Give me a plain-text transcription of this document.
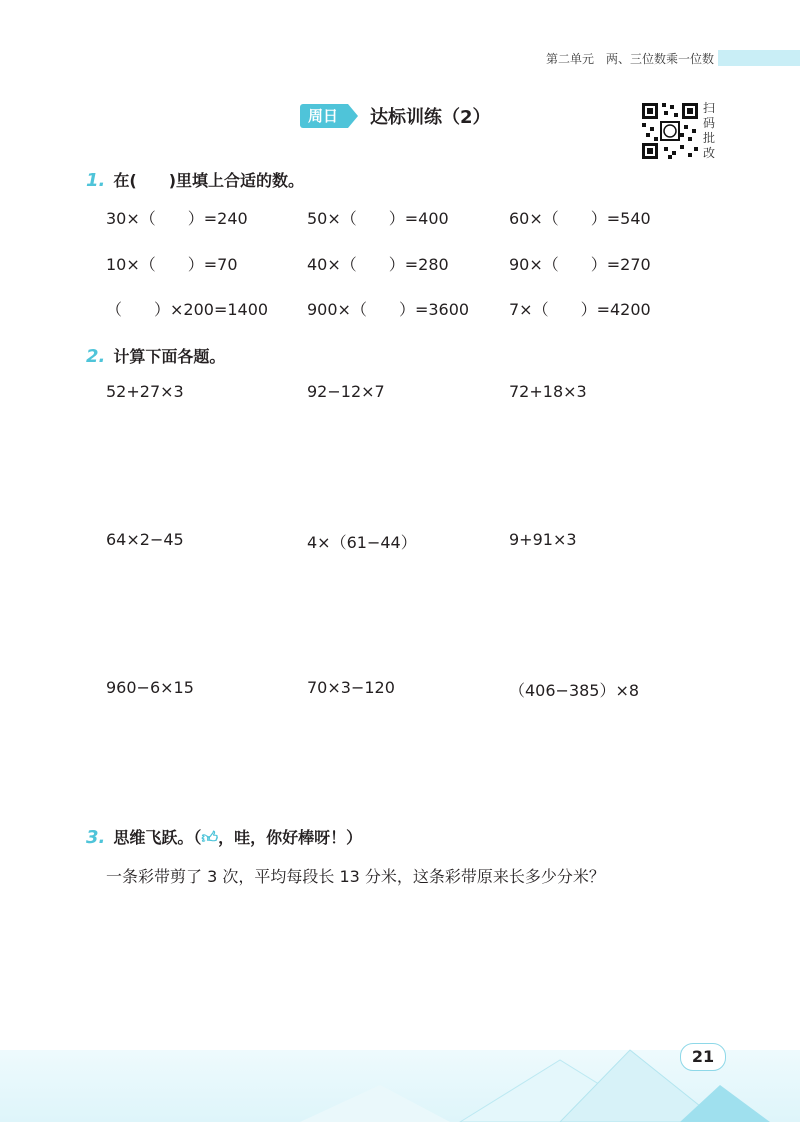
第二单元　两、三位数乘一位数
周日	达标训练（2）	扫码批改
1. 在(　　)里填上合适的数。
30×（　　）=240	50×（　　）=400	60×（　　）=540
10×（　　）=70	40×（　　）=280	90×（　　）=270
（　　）×200=1400 900×（　　）=3600 7×（　　）=4200
2. 计算下面各题。
52+27×3	92−12×7	72+18×3
64×2−45	4×（61−44）	9+91×3
960−6×15	70×3−120	（406−385）×8
3. 思维飞跃。（👍︎，哇，你好棒呀！）
一条彩带剪了 3 次，平均每段长 13 分米，这条彩带原来长多少分米？
21
